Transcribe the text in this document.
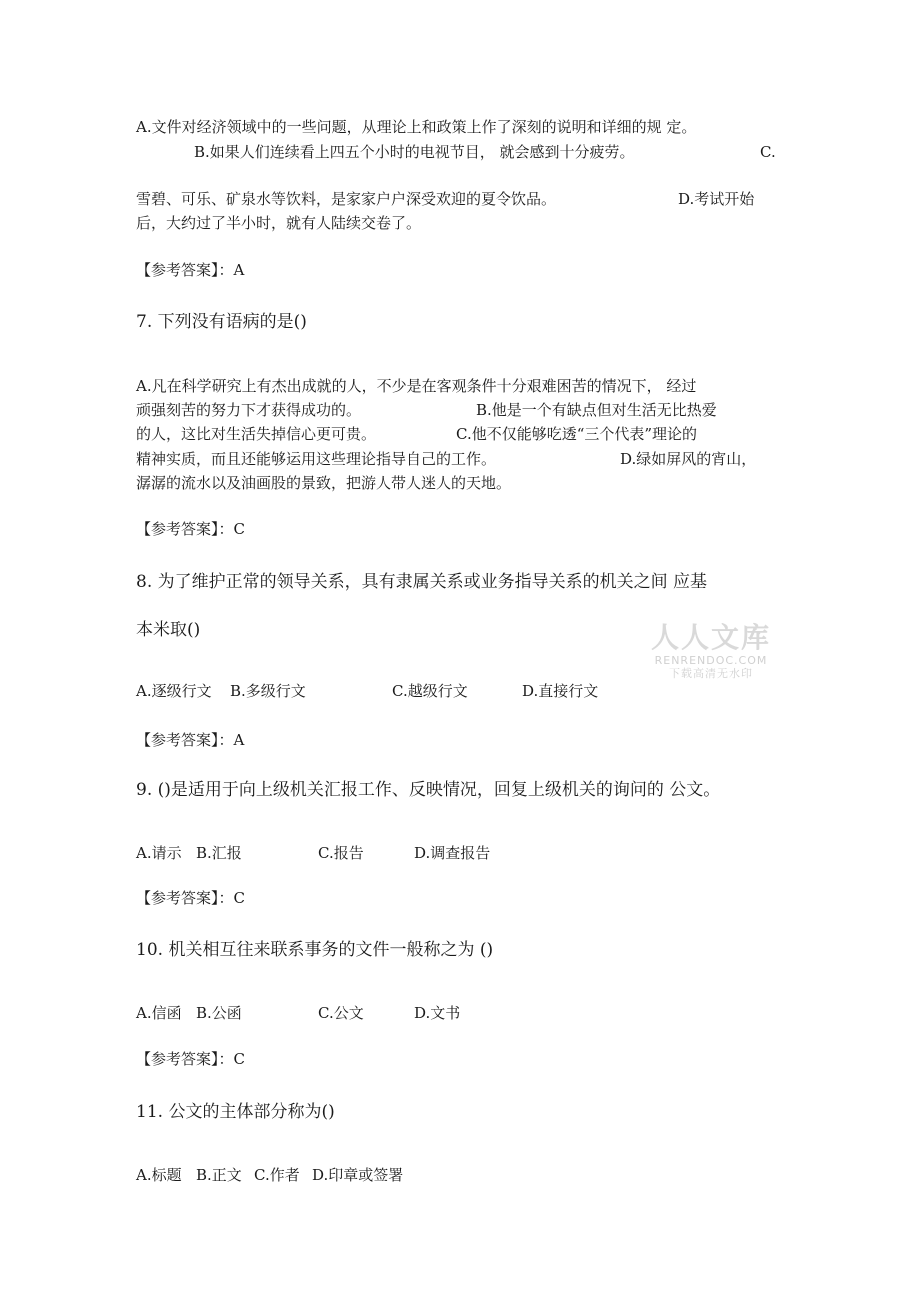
A.文件对经济领域中的一些问题，从理论上和政策上作了深刻的说明和详细的规 定。
B.如果人们连续看上四五个小时的电视节目， 就会感到十分疲劳。	C.
雪碧、可乐、矿泉水等饮料，是家家户户深受欢迎的夏令饮品。	D.考试开始
后，大约过了半小时，就有人陆续交卷了。
【参考答案】：A
7. 下列没有语病的是()
A.凡在科学研究上有杰出成就的人，不少是在客观条件十分艰难困苦的情况下， 经过
顽强刻苦的努力下才获得成功的。	B.他是一个有缺点但对生活无比热爱
的人，这比对生活失掉信心更可贵。	C.他不仅能够吃透“三个代表”理论的
精神实质，而且还能够运用这些理论指导自己的工作。	D.绿如屏风的宵山，
潺潺的流水以及油画股的景致，把游人带人迷人的天地。
【参考答案】：C
8. 为了维护正常的领导关系，具有隶属关系或业务指导关系的机关之间 应基
本米取()
A.逐级行文 B.多级行文	C.越级行文	D.直接行文
【参考答案】：A
人人文库
RENRENDOC.COM
下载高清无水印
9. ()是适用于向上级机关汇报工作、反映情况，回复上级机关的询问的 公文。
A.请示 B.汇报	C.报告	D.调查报告
【参考答案】：C
10. 机关相互往来联系事务的文件一般称之为 ()
A.信函 B.公函	C.公文	D.文书
【参考答案】：C
11. 公文的主体部分称为()
A.标题 B.正文 C.作者 D.印章或签署
